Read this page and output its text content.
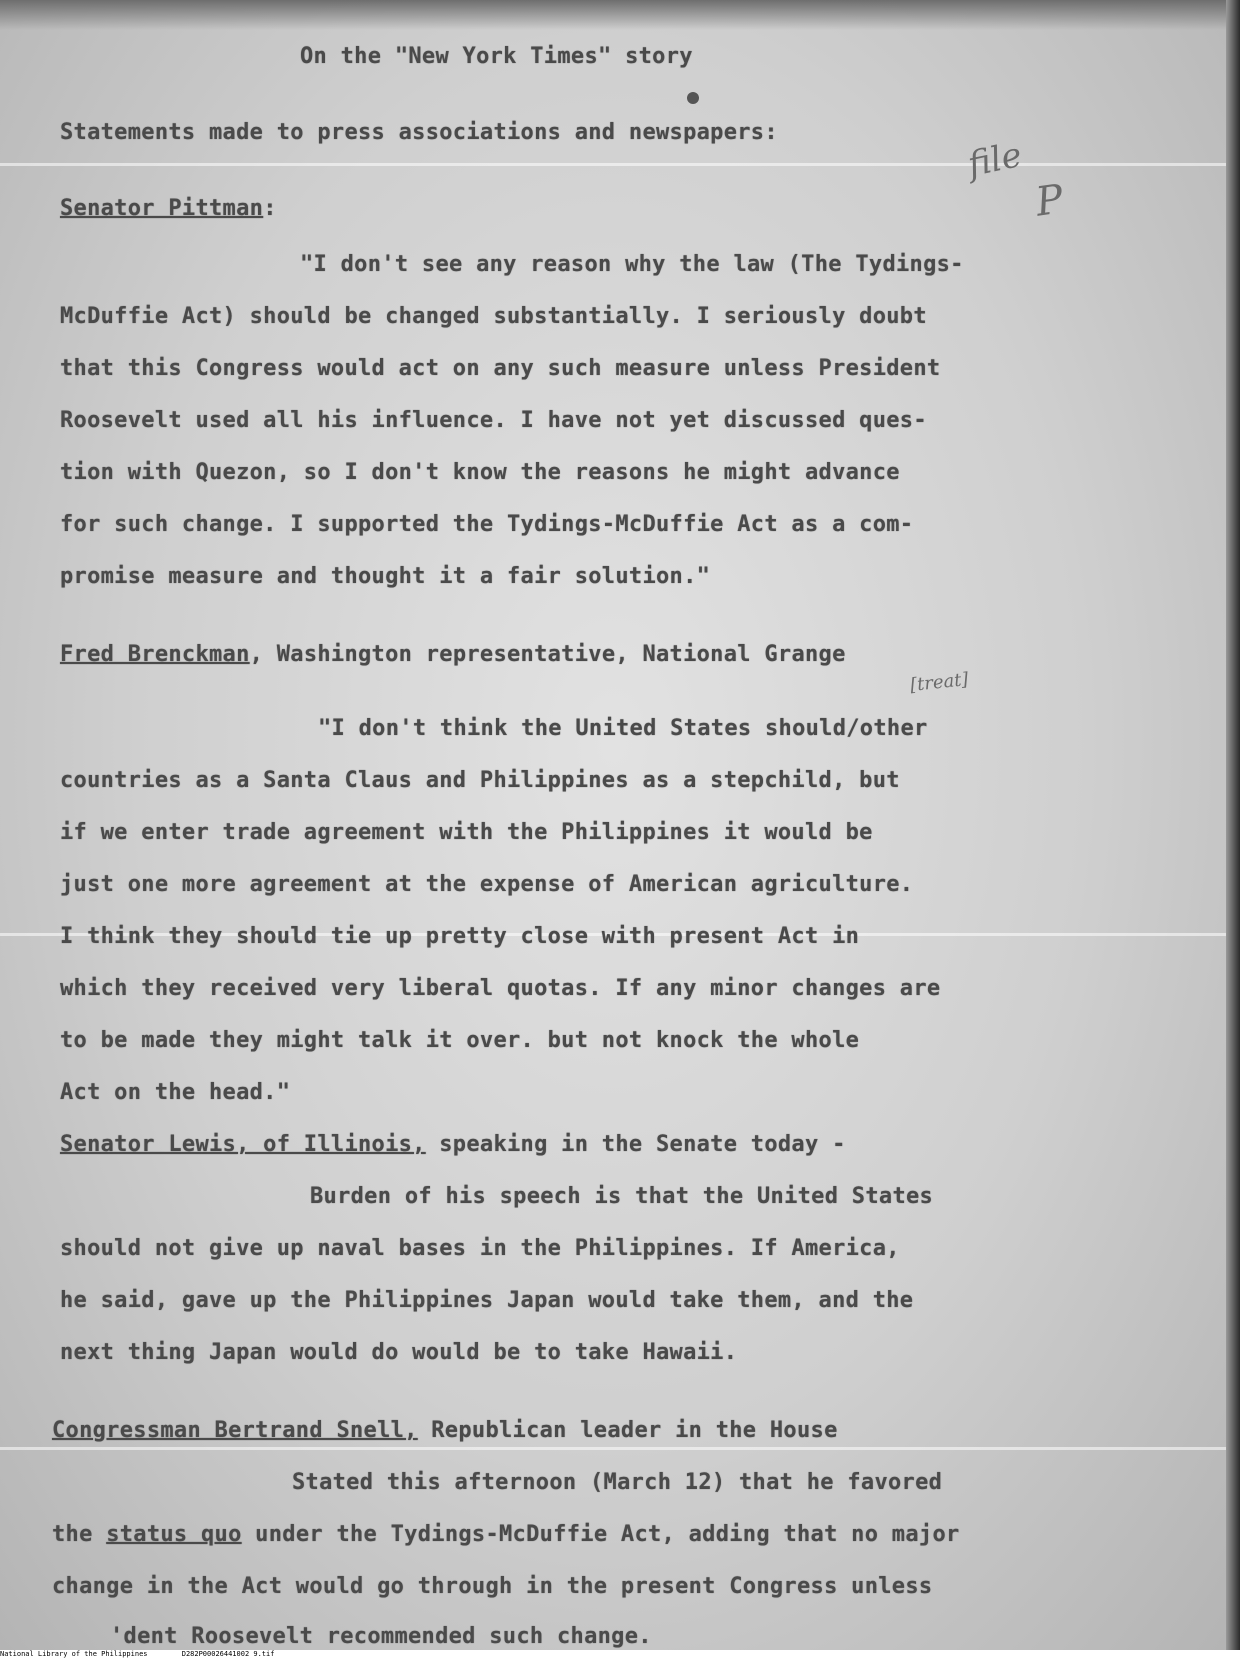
On the "New York Times" story
Statements made to press associations and newspapers:
file
P
[treat]
Senator Pittman:
"I don't see any reason why the law (The Tydings-
McDuffie Act) should be changed substantially. I seriously doubt
that this Congress would act on any such measure unless President
Roosevelt used all his influence. I have not yet discussed ques-
tion with Quezon, so I don't know the reasons he might advance
for such change. I supported the Tydings-McDuffie Act as a com-
promise measure and thought it a fair solution."
Fred Brenckman, Washington representative, National Grange
"I don't think the United States should/other
countries as a Santa Claus and Philippines as a stepchild, but
if we enter trade agreement with the Philippines it would be
just one more agreement at the expense of American agriculture.
I think they should tie up pretty close with present Act in
which they received very liberal quotas. If any minor changes are
to be made they might talk it over. but not knock the whole
Act on the head."
Senator Lewis, of Illinois, speaking in the Senate today -
Burden of his speech is that the United States
should not give up naval bases in the Philippines. If America,
he said, gave up the Philippines Japan would take them, and the
next thing Japan would do would be to take Hawaii.
Congressman Bertrand Snell, Republican leader in the House
Stated this afternoon (March 12) that he favored
the status quo under the Tydings-McDuffie Act, adding that no major
change in the Act would go through in the present Congress unless
'dent Roosevelt recommended such change.
National Library of the Philippines	D282P00026441002 9.tif
